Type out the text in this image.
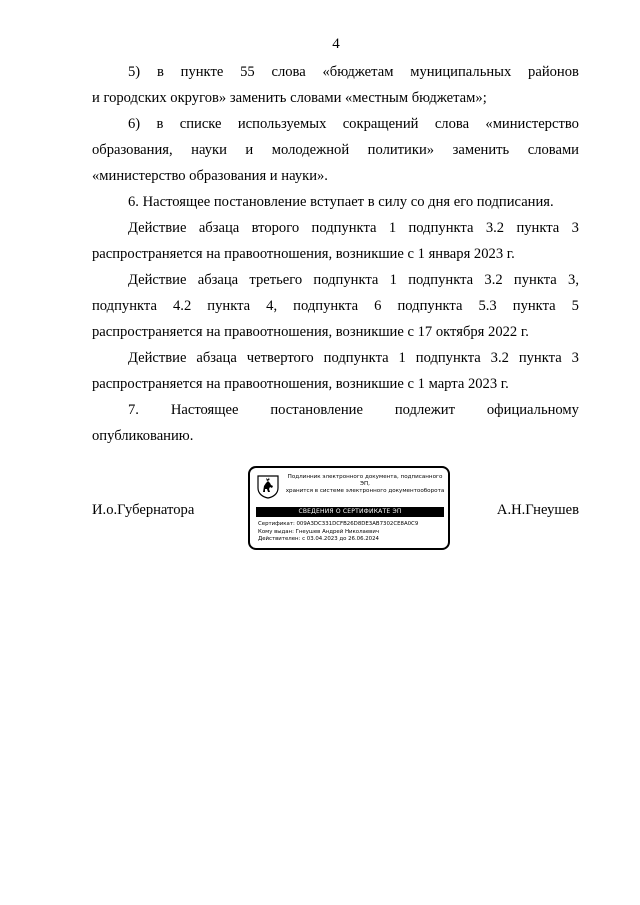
4
5) в пункте 55 слова «бюджетам муниципальных районов
и городских округов» заменить словами «местным бюджетам»;
6) в списке используемых сокращений слова «министерство
образования, науки и молодежной политики» заменить словами
«министерство образования и науки».
6. Настоящее постановление вступает в силу со дня его подписания.
Действие абзаца второго подпункта 1 подпункта 3.2 пункта 3
распространяется на правоотношения, возникшие с 1 января 2023 г.
Действие абзаца третьего подпункта 1 подпункта 3.2 пункта 3,
подпункта 4.2 пункта 4, подпункта 6 подпункта 5.3 пункта 5
распространяется на правоотношения, возникшие с 17 октября 2022 г.
Действие абзаца четвертого подпункта 1 подпункта 3.2 пункта 3
распространяется на правоотношения, возникшие с 1 марта 2023 г.
7. Настоящее постановление подлежит официальному
опубликованию.
И.о.Губернатора	А.Н.Гнеушев
Подлинник электронного документа, подписанного ЭП,
хранится в системе электронного документооборота
СВЕДЕНИЯ О СЕРТИФИКАТЕ ЭП
Сертификат: 009A3DC331DCFB26D8DE3AB7302CE8A0C9
Кому выдан: Гнеушев Андрей Николаевич
Действителен: с 03.04.2023 до 26.06.2024
